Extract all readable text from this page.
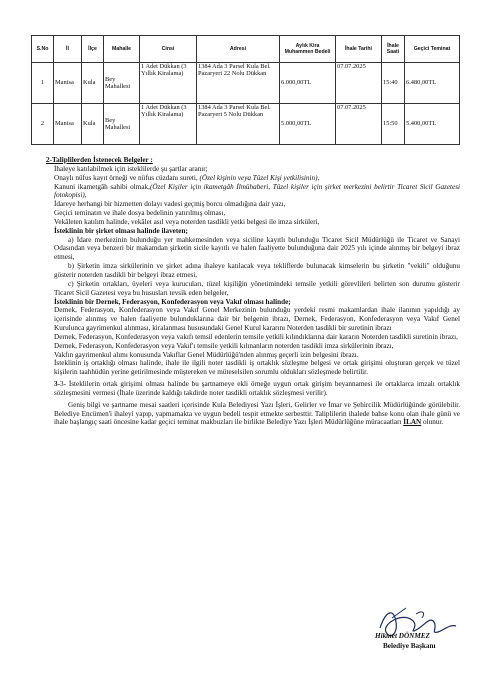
S.No	İl	İlçe	Mahalle	Cinsi	Adresi	Aylık Kira Muhammen Bedeli	İhale Tarihi	İhale Saati	Geçici Teminat
1	Manisa	Kula	Bey Mahallesi	1 Adet Dükkan (3 Yıllık Kiralama)	1384 Ada 3 Parsel Kula Bel. Pazaryeri 22 Nolu Dükkan	6.000,00TL	07.07.2025	15:40	6.480,00TL
2	Manisa	Kula	Bey Mahallesi	1 Adet Dükkan (3 Yıllık Kiralama)	1384 Ada 3 Parsel Kula Bel. Pazaryeri 5 Nolu Dükkan	5.000,00TL	07.07.2025	15:50	5.400,00TL

2-Taliplilerden İstenecek Belgeler :

İhaleye katılabilmek için isteklilerde şu şartlar aranır;

Onaylı nüfus kayıt örneği ve nüfus cüzdanı sureti, (Özel kişinin veya Tüzel Kişi yetkilisinin),

Kanuni ikametgâh sahibi olmak,(Özel Kişiler için ikametgâh İlmühaberi, Tüzel kişiler için şirket merkezini belirtir Ticaret Sicil Gazetesi fotokopisi),

İdareye herhangi bir hizmetten dolayı vadesi geçmiş borcu olmadığına dair yazı,

Geçici teminatın ve ihale dosya bedelinin yatırılmış olması,

Vekâleten katılım halinde, vekâlet asıl veya noterden tasdikli yetki belgesi ile imza sirküleri,

İsteklinin bir şirket olması halinde ilaveten;

a) İdare merkezinin bulunduğu yer mahkemesinden veya siciline kayıtlı bulunduğu Ticaret Sicil Müdürlüğü ile Ticaret ve Sanayi Odasından veya benzeri bir makamdan şirketin sicile kayıtlı ve halen faaliyette bulunduğuna dair 2025 yılı içinde alınmış bir belgeyi ibraz etmesi,

b) Şirketin imza sirkülerinin ve şirket adına ihaleye katılacak veya tekliflerde bulunacak kimselerin bu şirketin "vekili" olduğunu gösterir noterden tasdikli bir belgeyi ibraz etmesi,

c) Şirketin ortakları, üyeleri veya kurucuları, tüzel kişiliğin yönetimindeki temsile yetkili görevlileri belirten son durumu gösterir Ticaret Sicil Gazetesi veya bu hususları tevsik eden belgeler,

İsteklinin bir Dernek, Federasyon, Konfederasyon veya Vakıf olması halinde;

Dernek, Federasyon, Konfederasyon veya Vakıf Genel Merkezinin bulunduğu yerdeki resmi makamlardan ihale ilanının yapıldığı ay içerisinde alınmış ve halen faaliyette bulunduklarına dair bir belgenin ibrazı, Dernek, Federasyon, Konfederasyon veya Vakıf Genel Kurulunca gayrimenkul alınması, kiralanması hususundaki Genel Kurul kararını Noterden tasdikli bir suretinin ibrazı

Dernek, Federasyon, Konfederasyon veya vakıfı temsil edenlerin temsile yetkili kılındıklarına dair kararın Noterden tasdikli suretinin ibrazı,

Dernek, Federasyon, Konfederasyon veya Vakıf'ı temsile yetkili kılınanların noterden tasdikli imza sirkülerinin ibrazı,

Vakfın gayrimenkul alımı konusunda Vakıflar Genel Müdürlüğü'nden alınmış geçerli izin belgesini ibrazı.

İsteklinin iş ortaklığı olması halinde, ihale ile ilgili noter tasdikli iş ortaklık sözleşme belgesi ve ortak girişimi oluşturan gerçek ve tüzel kişilerin taahhüdün yerine getirilmesinde müştereken ve müteselsilen sorumlu oldukları sözleşmede belirtilir.

3-3- İsteklilerin ortak girişimi olması halinde bu şartnameye ekli örneğe uygun ortak girişim beyannamesi ile ortaklarca imzalı ortaklık sözleşmesini vermesi (İhale üzerinde kaldığı takdirde noter tasdikli ortaklık sözleşmesi verilir).

Geniş bilgi ve şartname mesai saatleri içerisinde Kula Belediyesi Yazı İşleri, Gelirler ve İmar ve Şehircilik Müdürlüğünde görülebilir. Belediye Encümen'i ihaleyi yapıp, yapmamakta ve uygun bedeli tespit etmekte serbesttir. Taliplilerin ihalede bahse konu olan ihale günü ve ihale başlangıç saati öncesine kadar geçici teminat makbuzları ile birlikte Belediye Yazı İşleri Müdürlüğüne müracaatları İLAN olunur.

Hikmet DÖNMEZ
Belediye Başkanı
